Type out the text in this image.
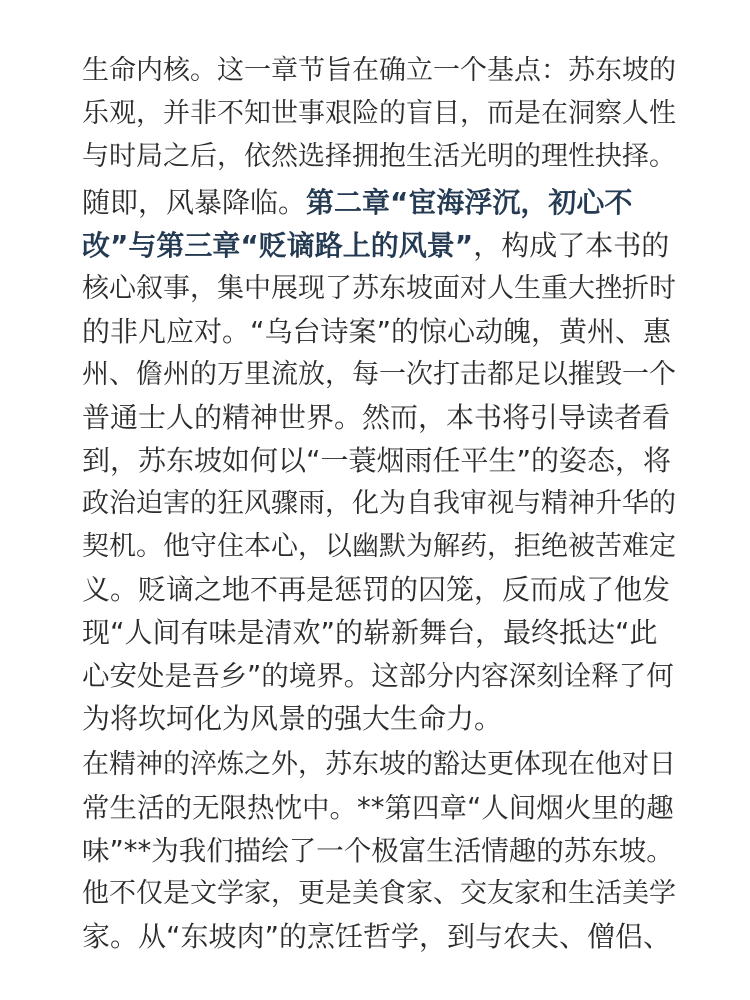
生命内核。这一章节旨在确立一个基点：苏东坡的

乐观，并非不知世事艰险的盲目，而是在洞察人性

与时局之后，依然选择拥抱生活光明的理性抉择。

随即，风暴降临。第二章“宦海浮沉，初心不

改”与第三章“贬谪路上的风景”，构成了本书的

核心叙事，集中展现了苏东坡面对人生重大挫折时

的非凡应对。“乌台诗案”的惊心动魄，黄州、惠

州、儋州的万里流放，每一次打击都足以摧毁一个

普通士人的精神世界。然而，本书将引导读者看

到，苏东坡如何以“一蓑烟雨任平生”的姿态，将

政治迫害的狂风骤雨，化为自我审视与精神升华的

契机。他守住本心，以幽默为解药，拒绝被苦难定

义。贬谪之地不再是惩罚的囚笼，反而成了他发

现“人间有味是清欢”的崭新舞台，最终抵达“此

心安处是吾乡”的境界。这部分内容深刻诠释了何

为将坎坷化为风景的强大生命力。

在精神的淬炼之外，苏东坡的豁达更体现在他对日

常生活的无限热忱中。**第四章“人间烟火里的趣

味”**为我们描绘了一个极富生活情趣的苏东坡。

他不仅是文学家，更是美食家、交友家和生活美学

家。从“东坡肉”的烹饪哲学，到与农夫、僧侣、
